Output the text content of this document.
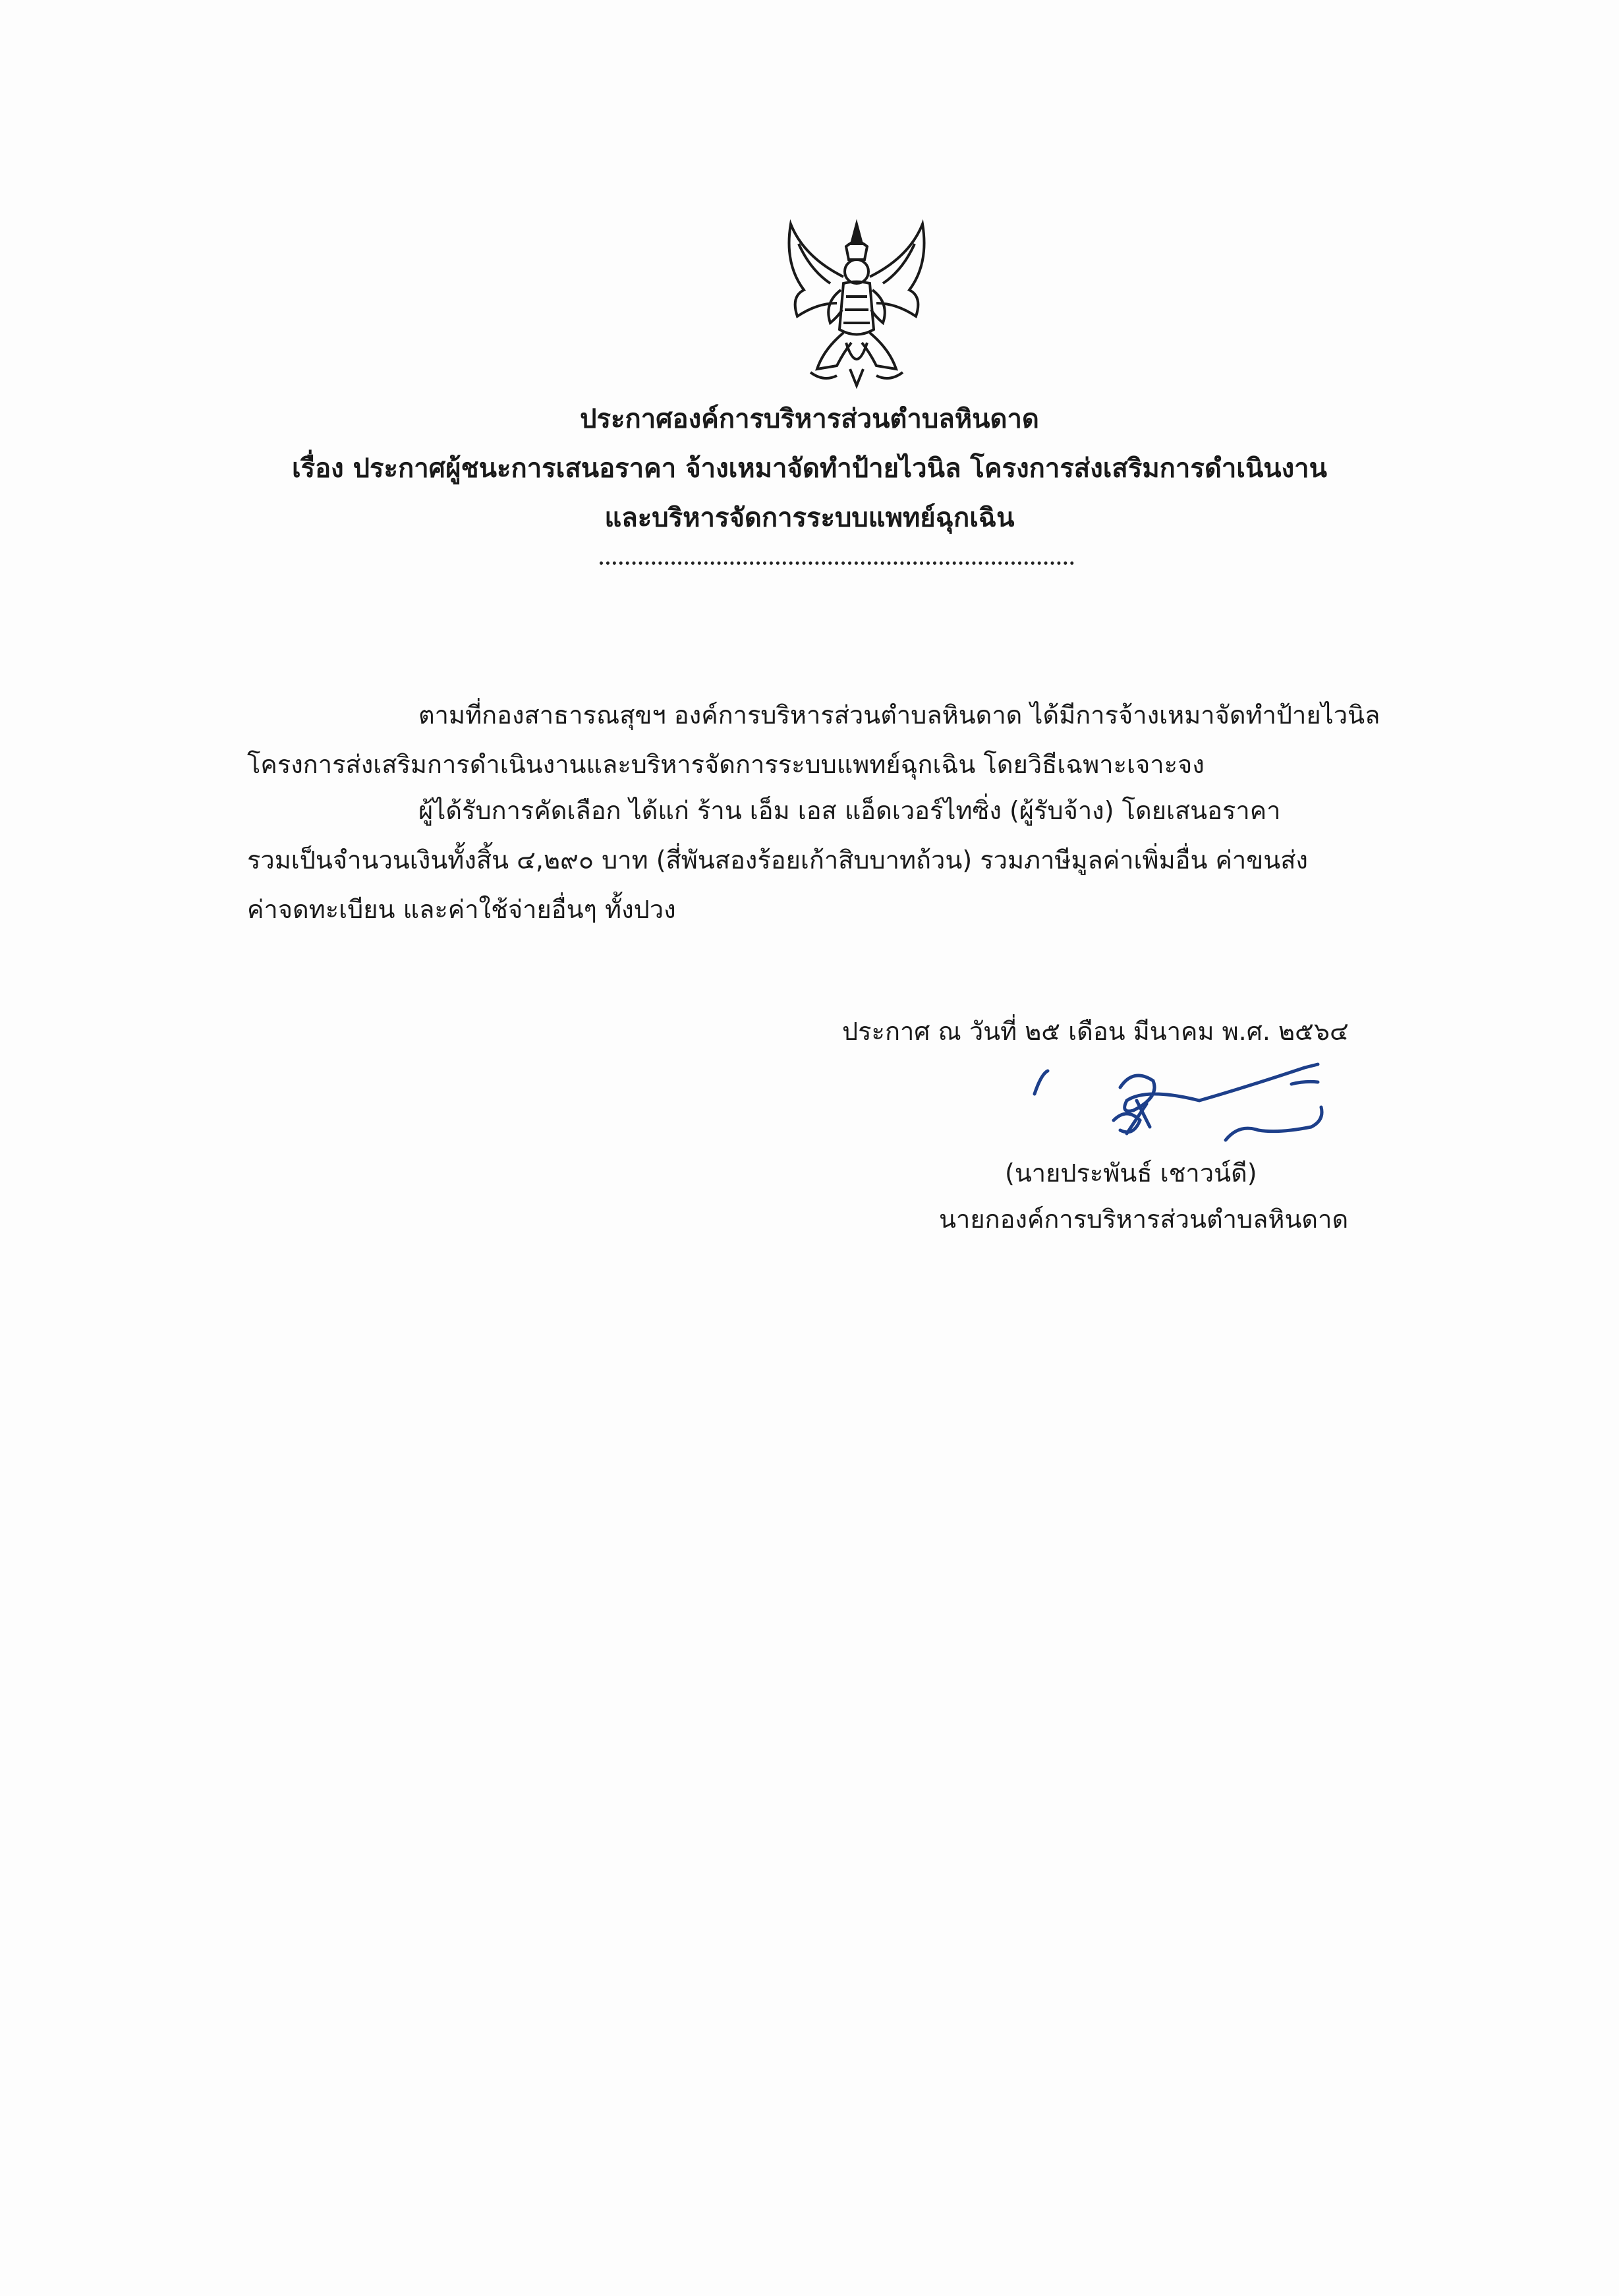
ประกาศองค์การบริหารส่วนตำบลหินดาด
เรื่อง ประกาศผู้ชนะการเสนอราคา จ้างเหมาจัดทำป้ายไวนิล โครงการส่งเสริมการดำเนินงาน
และบริหารจัดการระบบแพทย์ฉุกเฉิน
ตามที่กองสาธารณสุขฯ องค์การบริหารส่วนตำบลหินดาด ได้มีการจ้างเหมาจัดทำป้ายไวนิล
โครงการส่งเสริมการดำเนินงานและบริหารจัดการระบบแพทย์ฉุกเฉิน โดยวิธีเฉพาะเจาะจง
ผู้ได้รับการคัดเลือก ได้แก่ ร้าน เอ็ม เอส แอ็ดเวอร์ไทซิ่ง (ผู้รับจ้าง) โดยเสนอราคา
รวมเป็นจำนวนเงินทั้งสิ้น ๔,๒๙๐ บาท (สี่พันสองร้อยเก้าสิบบาทถ้วน) รวมภาษีมูลค่าเพิ่มอื่น ค่าขนส่ง
ค่าจดทะเบียน และค่าใช้จ่ายอื่นๆ ทั้งปวง
ประกาศ ณ วันที่ ๒๕ เดือน มีนาคม พ.ศ. ๒๕๖๔
(นายประพันธ์ เชาวน์ดี)
นายกองค์การบริหารส่วนตำบลหินดาด
